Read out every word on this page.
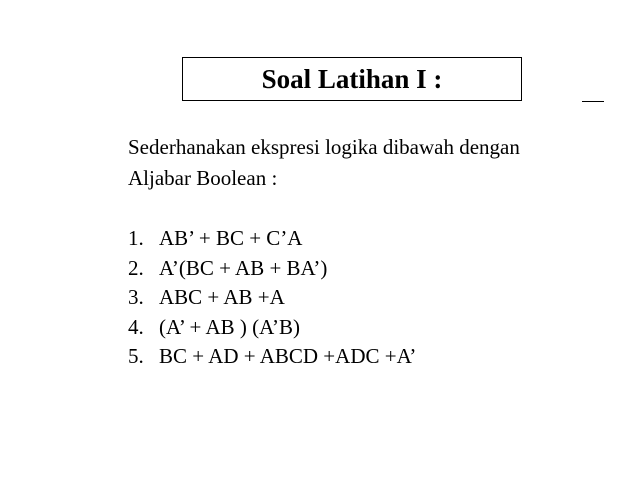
Soal Latihan I :
Sederhanakan ekspresi logika dibawah dengan
Aljabar Boolean :
1. AB’ + BC + C’A
2. A’(BC + AB + BA’)
3. ABC + AB +A
4. (A’ + AB ) (A’B)
5. BC + AD + ABCD +ADC +A’
